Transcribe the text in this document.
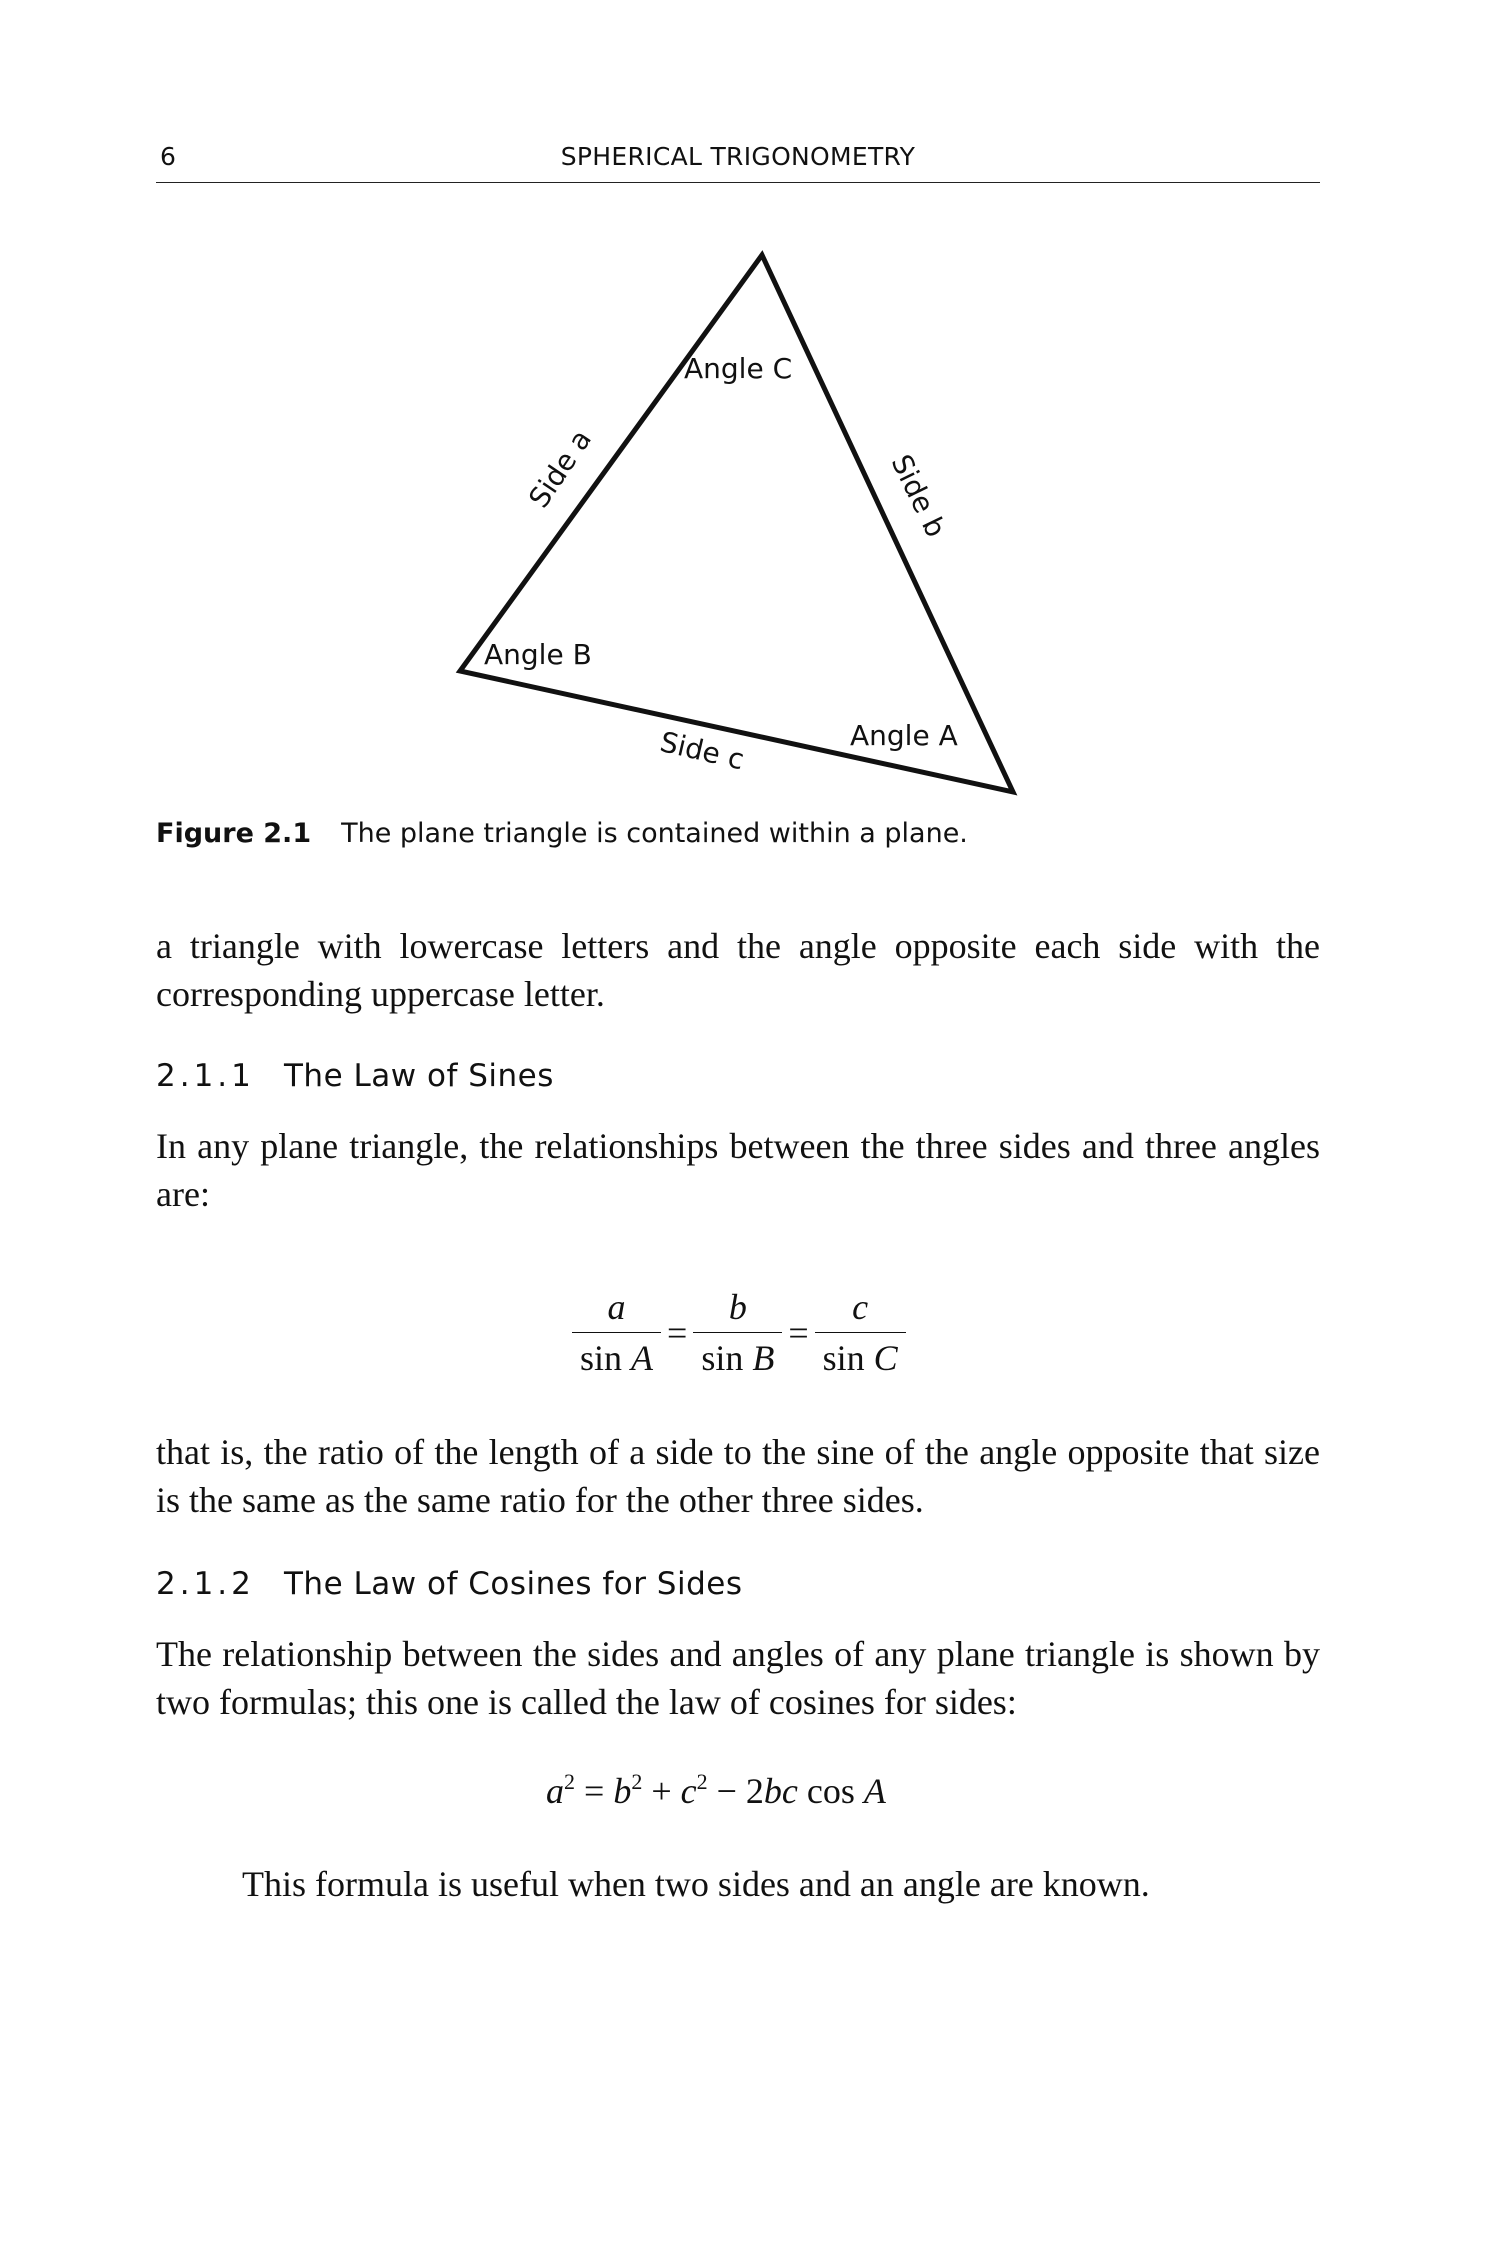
6	SPHERICAL TRIGONOMETRY
Angle C
Angle B
Angle A
Side a	Side b
Side c
Figure 2.1 The plane triangle is contained within a plane.
a triangle with lowercase letters and the angle opposite each side with the corresponding uppercase letter.
2.1.1 The Law of Sines
In any plane triangle, the relationships between the three sides and three angles are:
$\frac{a}{\text{sin A}} = \frac{b}{\text{sin B}} = \frac{c}{\text{sin C}}$
that is, the ratio of the length of a side to the sine of the angle opposite that size is the same as the same ratio for the other three sides.
2.1.2 The Law of Cosines for Sides
The relationship between the sides and angles of any plane triangle is shown by two formulas; this one is called the law of cosines for sides:
$a^2 = b^2 + c^2 - 2bc$ cos A
This formula is useful when two sides and an angle are known.
